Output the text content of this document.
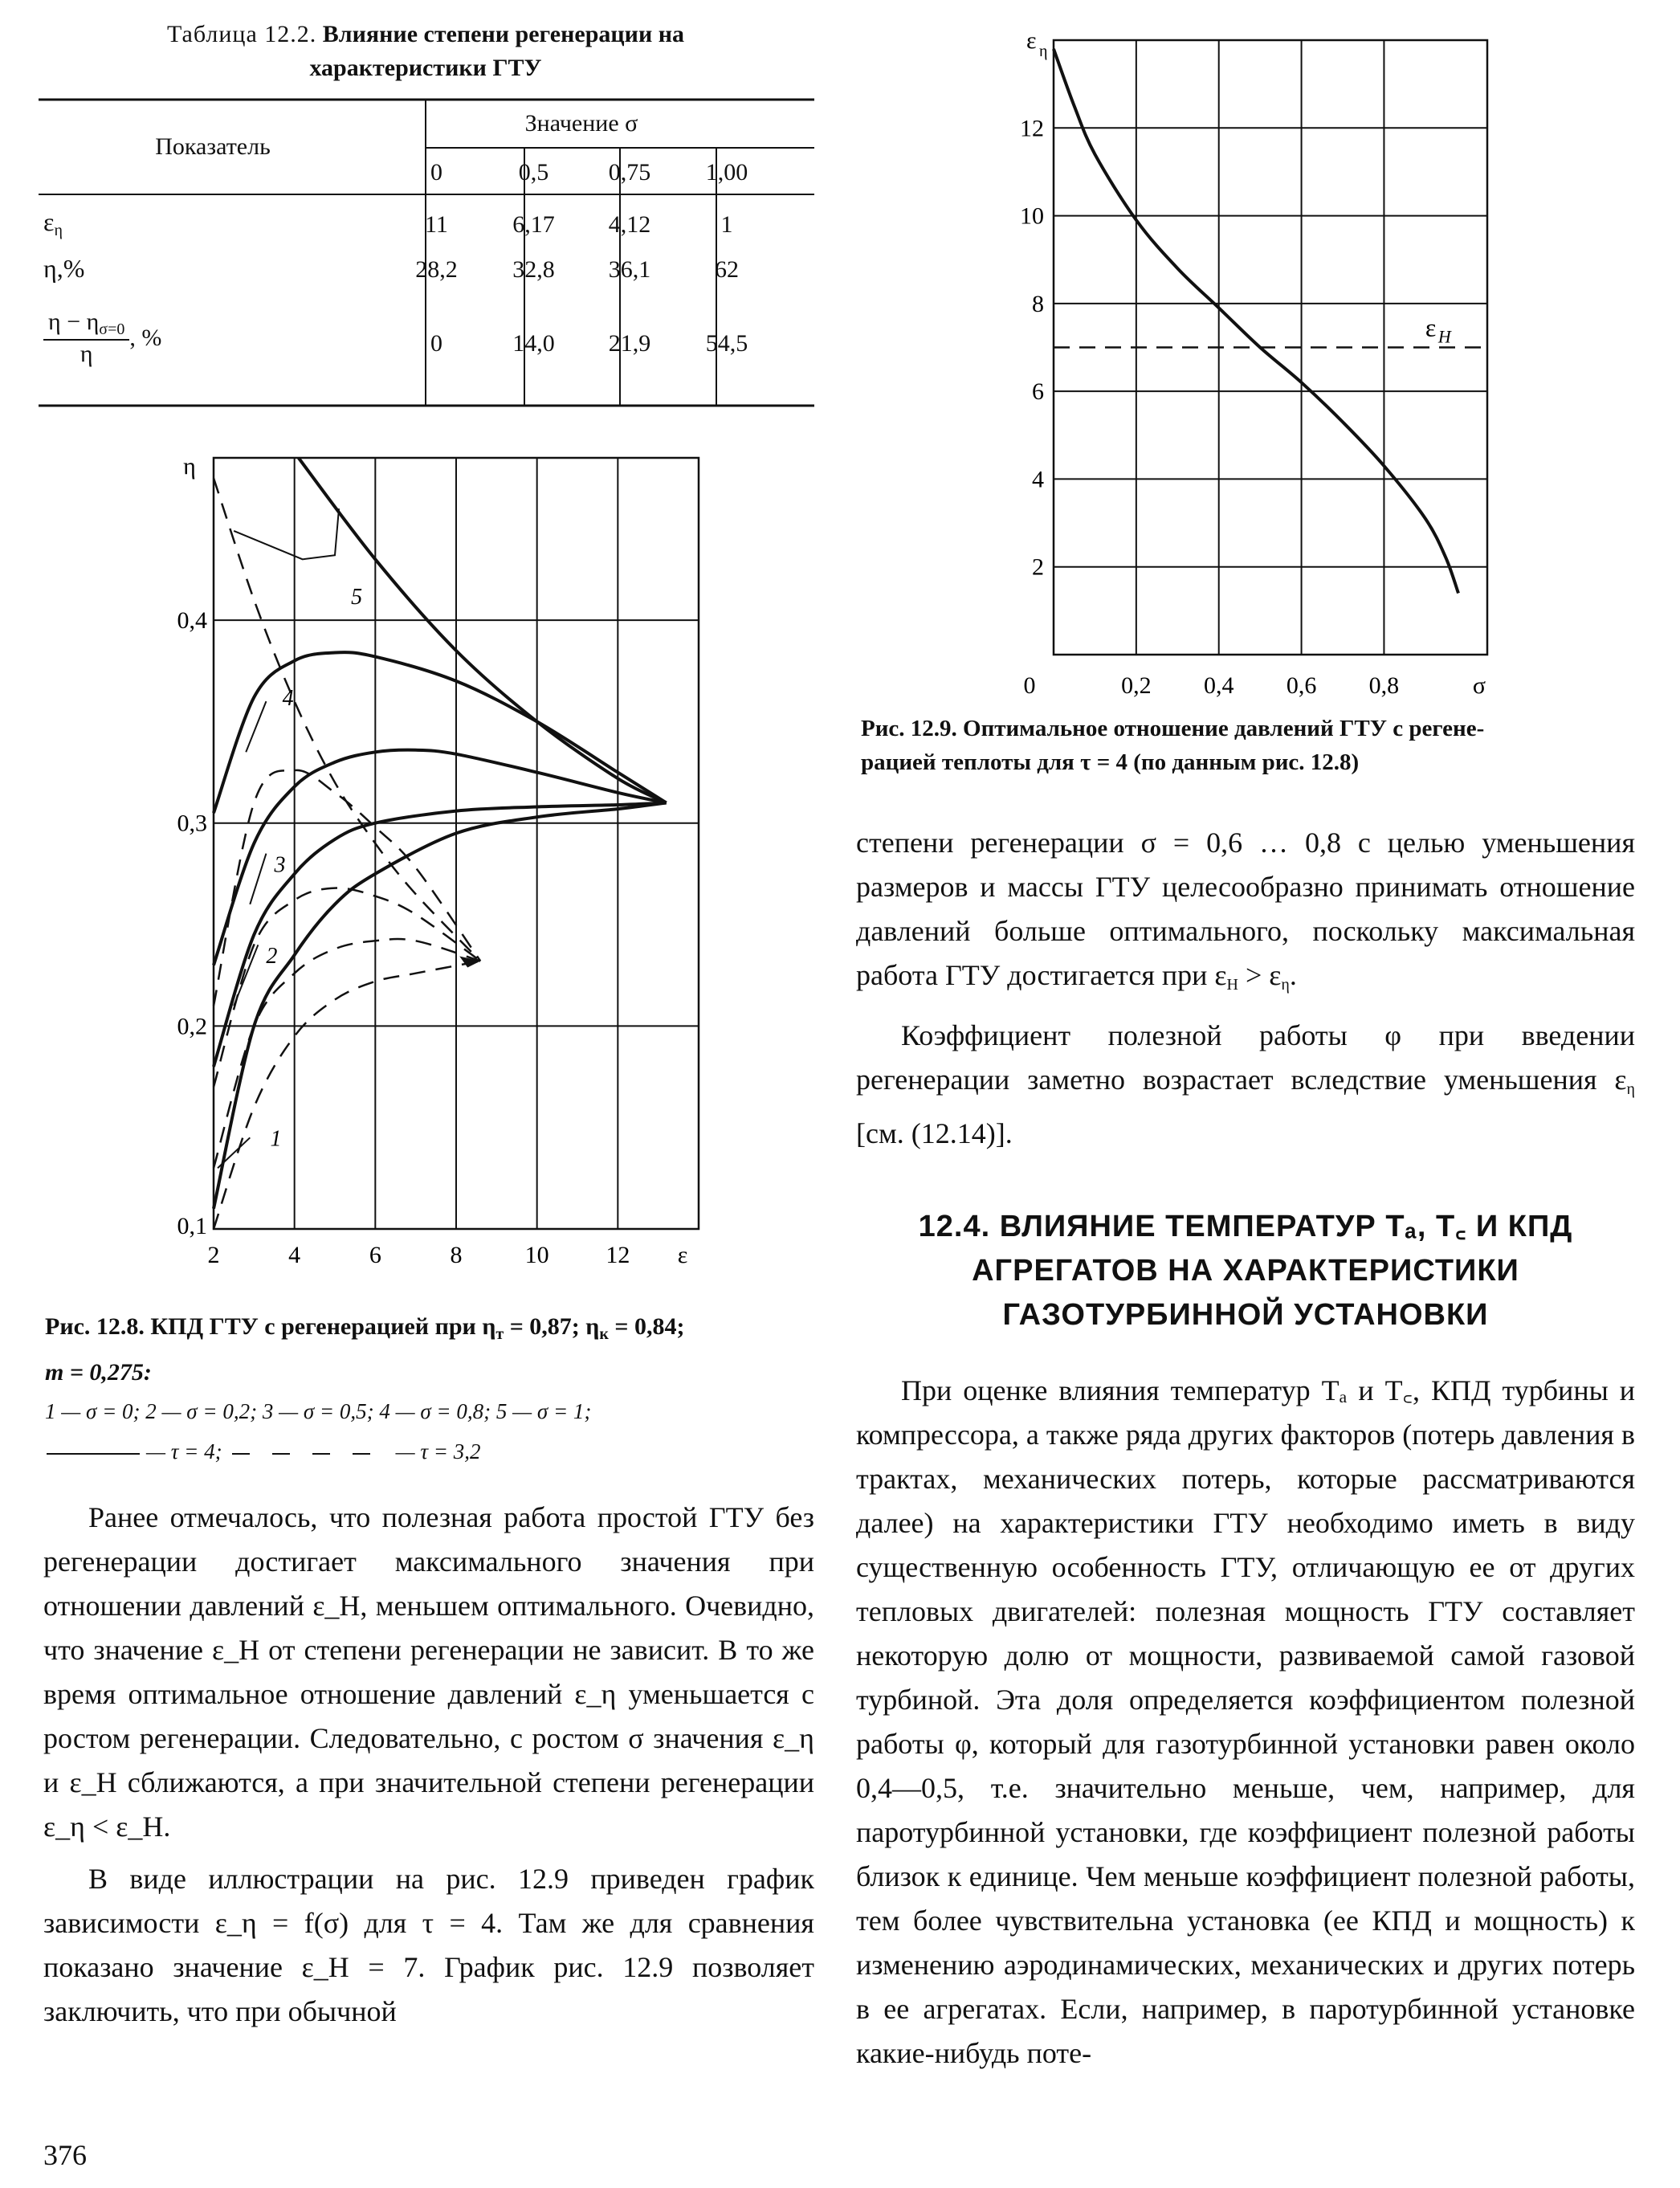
Таблица 12.2. Влияние степени регенерации на
характеристики ГТУ
Показатель
Значение σ
0	0,5	0,75	1,00
$\varepsilon_\eta$	11	6,17	4,12	1
η,%	28,2	32,8	36,1	62
$\frac{\eta - \eta_{\sigma=0}}{\eta}$ , %	0	14,0	21,9	54,5
2	4	6	8	10 12
0,1
0,2
0,3
0,4
ε
η
1
2
3
4
5
Рис. 12.8. КПД ГТУ с регенерацией при $\eta_т = 0,87$; $\eta_к = 0,84$;
m = 0,275:
1 — σ = 0; 2 — σ = 0,2; 3 — σ = 0,5; 4 — σ = 0,8; 5 — σ = 1;

— τ = 4;	— τ = 3,2
2
4
6
8
10
12
0	0,2 0,4 0,6 0,8	σ
ε η
ε H
Рис. 12.9. Оптимальное отношение давлений ГТУ с регене-
рацией теплоты для τ = 4 (по данным рис. 12.8)

степени регенерации σ = 0,6 … 0,8 с целью уменьшения размеров и массы ГТУ целесообразно принимать отношение давлений больше оптимального, поскольку максимальная работа ГТУ достигается при $\varepsilon_H > \varepsilon_\eta$.

Коэффициент полезной работы φ при введении регенерации заметно возрастает вследствие уменьшения $\varepsilon_\eta$ [см. (12.14)].

12.4. ВЛИЯНИЕ ТЕМПЕРАТУР Tₐ, T꜀ И КПД АГРЕГАТОВ НА ХАРАКТЕРИСТИКИ ГАЗОТУРБИННОЙ УСТАНОВКИ

При оценке влияния температур Tₐ и T꜀, КПД турбины и компрессора, а также ряда других факторов (потерь давления в трактах, механических потерь, которые рассматриваются далее) на характеристики ГТУ необходимо иметь в виду существенную особенность ГТУ, отличающую ее от других тепловых двигателей: полезная мощность ГТУ составляет некоторую долю от мощности, развиваемой самой газовой турбиной. Эта доля определяется коэффициентом полезной работы φ, который для газотурбинной установки равен около 0,4—0,5, т.е. значительно меньше, чем, например, для паротурбинной установки, где коэффициент полезной работы близок к единице. Чем меньше коэффициент полезной работы, тем более чувствительна установка (ее КПД и мощность) к изменению аэродинамических, механических и других потерь в ее агрегатах. Если, например, в паротурбинной установке какие-нибудь поте-

Ранее отмечалось, что полезная работа простой ГТУ без регенерации достигает максимального значения при отношении давлений ε_H, меньшем оптимального. Очевидно, что значение ε_H от степени регенерации не зависит. В то же время оптимальное отношение давлений ε_η уменьшается с ростом регенерации. Следовательно, с ростом σ значения ε_η и ε_H сближаются, а при значительной степени регенерации ε_η < ε_H.

В виде иллюстрации на рис. 12.9 приведен график зависимости ε_η = f(σ) для τ = 4. Там же для сравнения показано значение ε_H = 7. График рис. 12.9 позволяет заключить, что при обычной

376
